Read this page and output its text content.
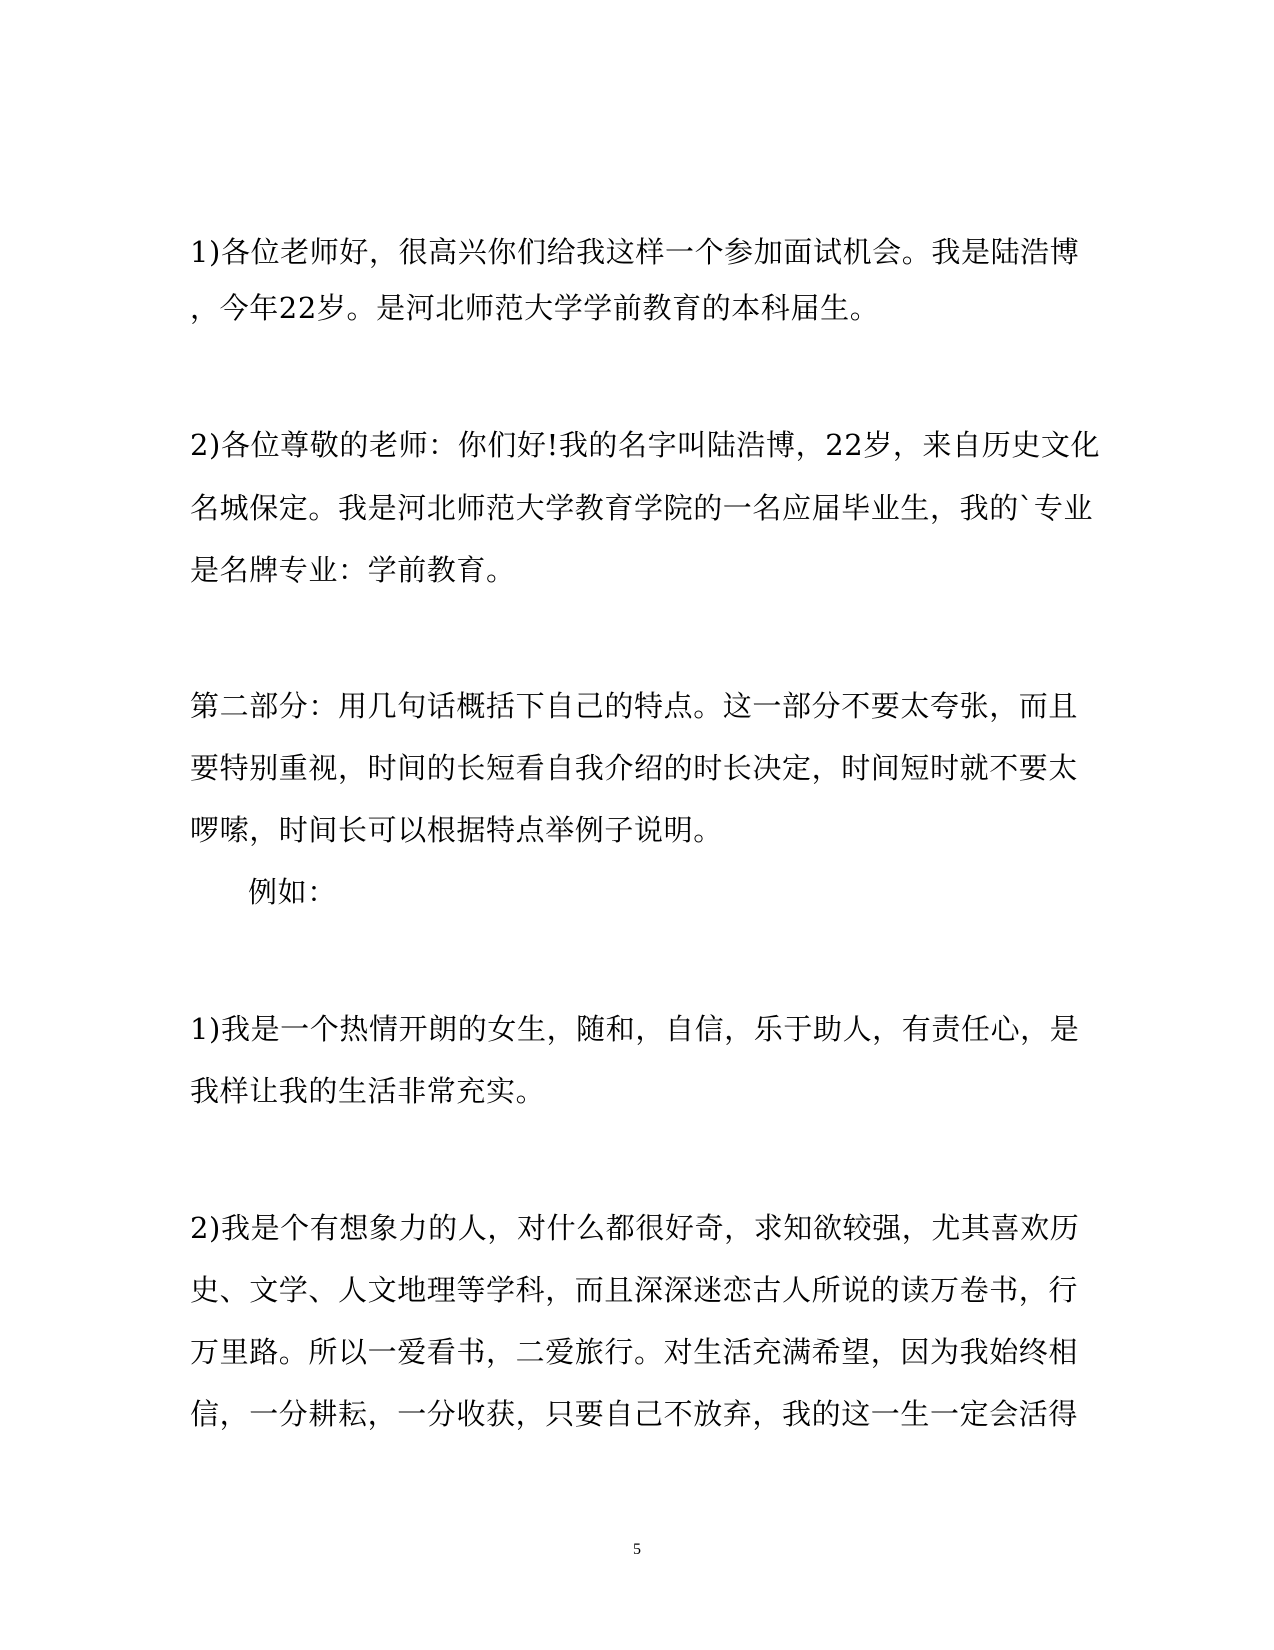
1)各位老师好，很高兴你们给我这样一个参加面试机会。我是陆浩博
，今年22岁。是河北师范大学学前教育的本科届生。
2)各位尊敬的老师：你们好!我的名字叫陆浩博，22岁，来自历史文化
名城保定。我是河北师范大学教育学院的一名应届毕业生，我的`专业
是名牌专业：学前教育。
第二部分：用几句话概括下自己的特点。这一部分不要太夸张，而且
要特别重视，时间的长短看自我介绍的时长决定，时间短时就不要太
啰嗦，时间长可以根据特点举例子说明。
例如：
1)我是一个热情开朗的女生，随和，自信，乐于助人，有责任心，是
我样让我的生活非常充实。
2)我是个有想象力的人，对什么都很好奇，求知欲较强，尤其喜欢历
史、文学、人文地理等学科，而且深深迷恋古人所说的读万卷书，行
万里路。所以一爱看书，二爱旅行。对生活充满希望，因为我始终相
信，一分耕耘，一分收获，只要自己不放弃，我的这一生一定会活得
5
